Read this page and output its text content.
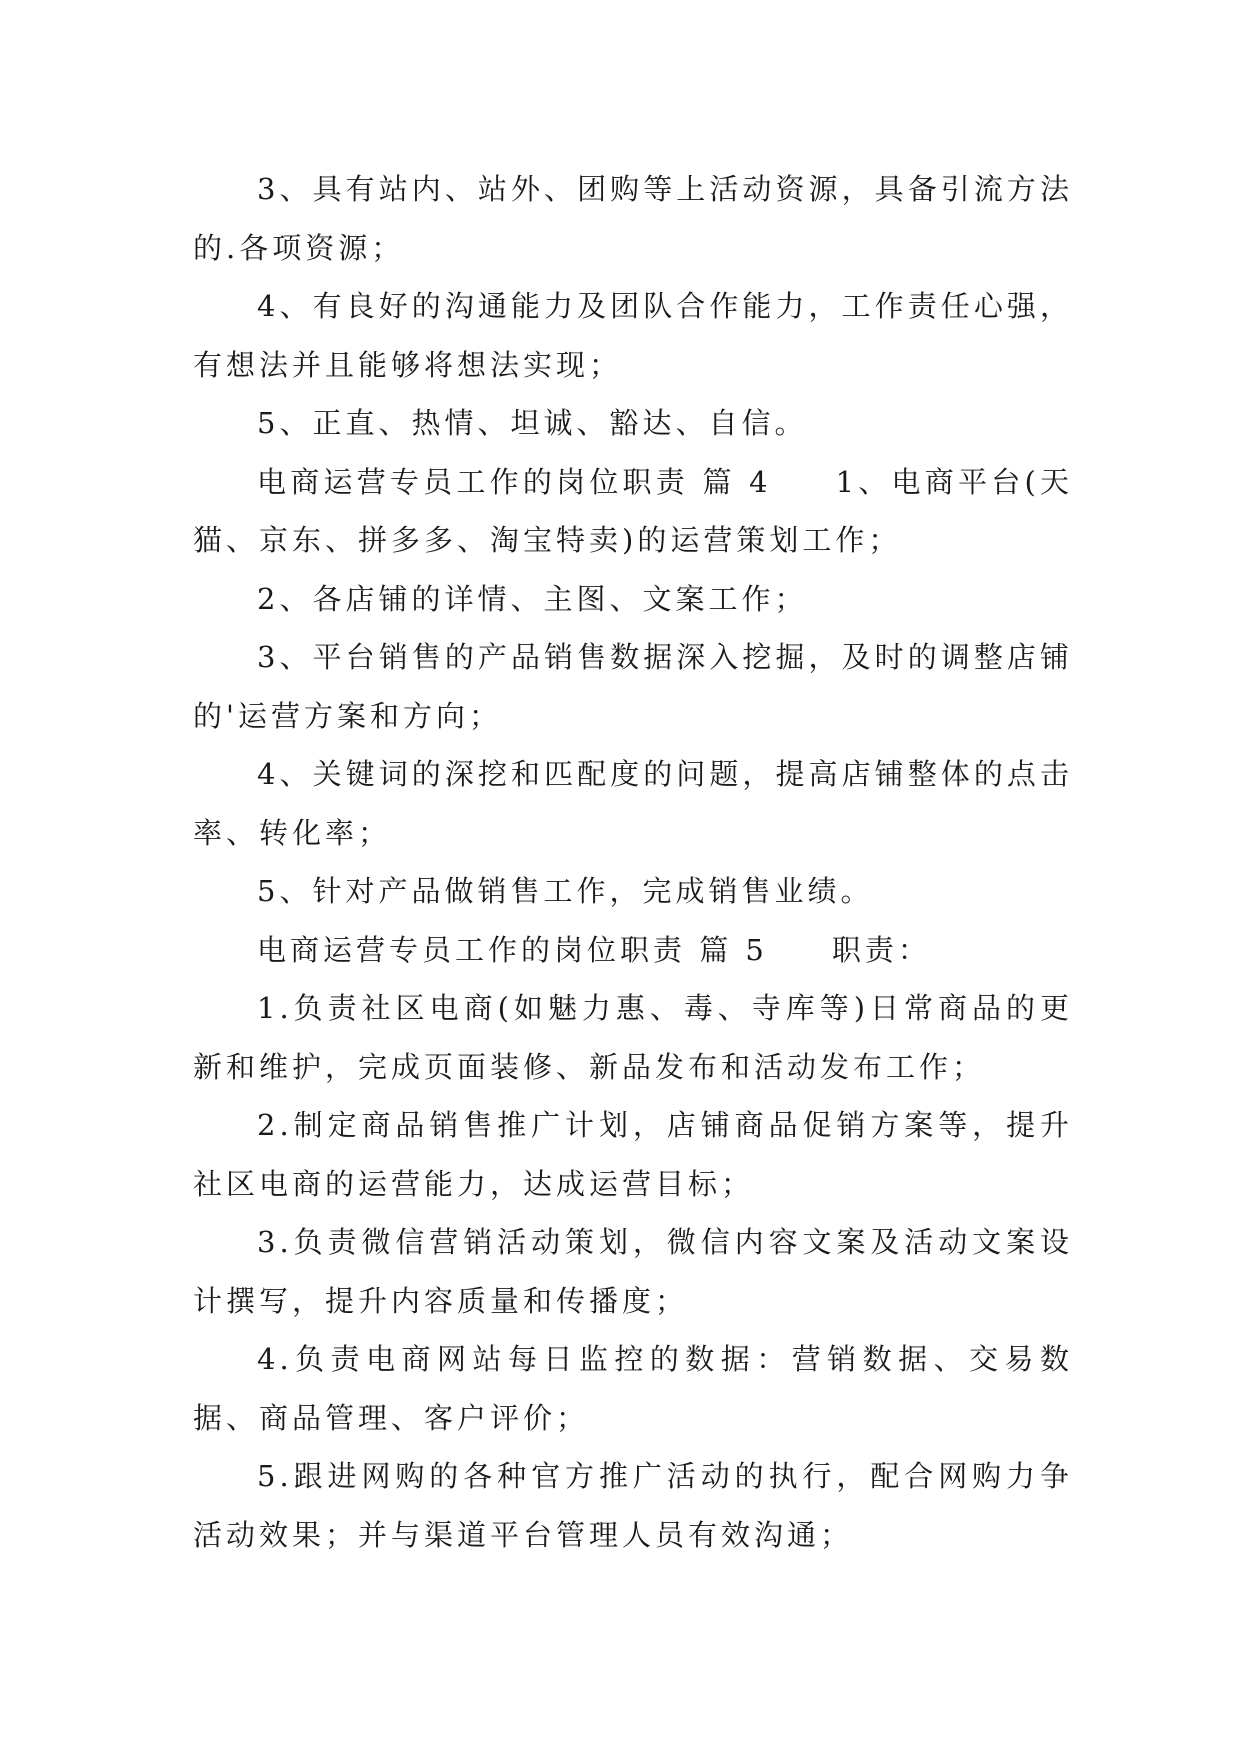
3、具有站内、站外、团购等上活动资源，具备引流方法的.各项资源；

4、有良好的沟通能力及团队合作能力，工作责任心强，有想法并且能够将想法实现；

5、正直、热情、坦诚、豁达、自信。

电商运营专员工作的岗位职责 篇 4 1、电商平台(天猫、京东、拼多多、淘宝特卖)的运营策划工作；

2、各店铺的详情、主图、文案工作；

3、平台销售的产品销售数据深入挖掘，及时的调整店铺的'运营方案和方向；

4、关键词的深挖和匹配度的问题，提高店铺整体的点击率、转化率；

5、针对产品做销售工作，完成销售业绩。

电商运营专员工作的岗位职责 篇 5 职责：

1.负责社区电商(如魅力惠、毒、寺库等)日常商品的更新和维护，完成页面装修、新品发布和活动发布工作；

2.制定商品销售推广计划，店铺商品促销方案等，提升社区电商的运营能力，达成运营目标；

3.负责微信营销活动策划，微信内容文案及活动文案设计撰写，提升内容质量和传播度；

4.负责电商网站每日监控的数据：营销数据、交易数据、商品管理、客户评价；

5.跟进网购的各种官方推广活动的执行，配合网购力争活动效果；并与渠道平台管理人员有效沟通；
